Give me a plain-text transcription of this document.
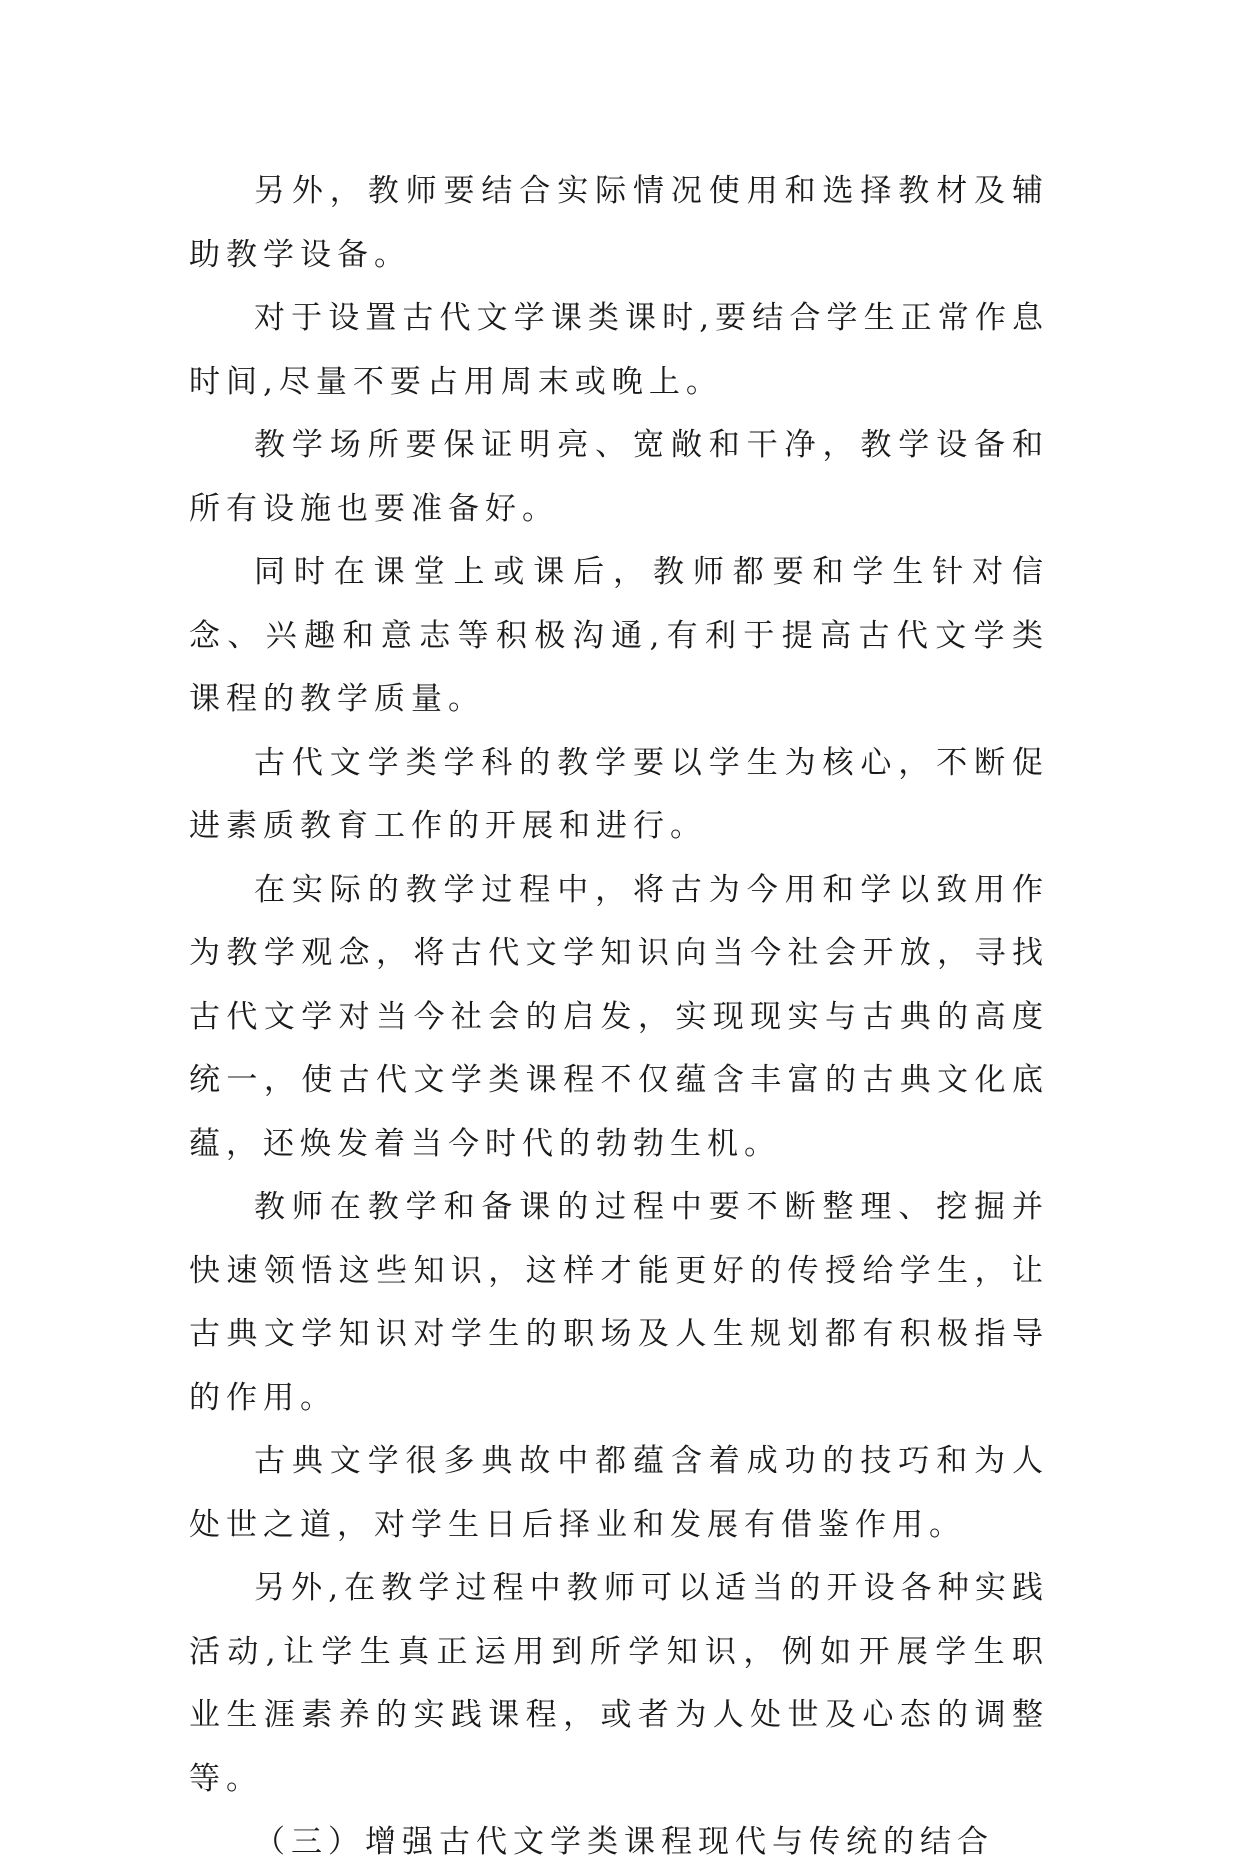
另外，教师要结合实际情况使用和选择教材及辅助教学设备。

对于设置古代文学课类课时,要结合学生正常作息时间,尽量不要占用周末或晚上。

教学场所要保证明亮、宽敞和干净，教学设备和所有设施也要准备好。

同时在课堂上或课后，教师都要和学生针对信念、兴趣和意志等积极沟通,有利于提高古代文学类课程的教学质量。

古代文学类学科的教学要以学生为核心，不断促进素质教育工作的开展和进行。

在实际的教学过程中，将古为今用和学以致用作为教学观念，将古代文学知识向当今社会开放，寻找古代文学对当今社会的启发，实现现实与古典的高度统一，使古代文学类课程不仅蕴含丰富的古典文化底蕴，还焕发着当今时代的勃勃生机。

教师在教学和备课的过程中要不断整理、挖掘并快速领悟这些知识，这样才能更好的传授给学生，让古典文学知识对学生的职场及人生规划都有积极指导的作用。

古典文学很多典故中都蕴含着成功的技巧和为人处世之道，对学生日后择业和发展有借鉴作用。

另外,在教学过程中教师可以适当的开设各种实践活动,让学生真正运用到所学知识，例如开展学生职业生涯素养的实践课程，或者为人处世及心态的调整等。

（三）增强古代文学类课程现代与传统的结合
